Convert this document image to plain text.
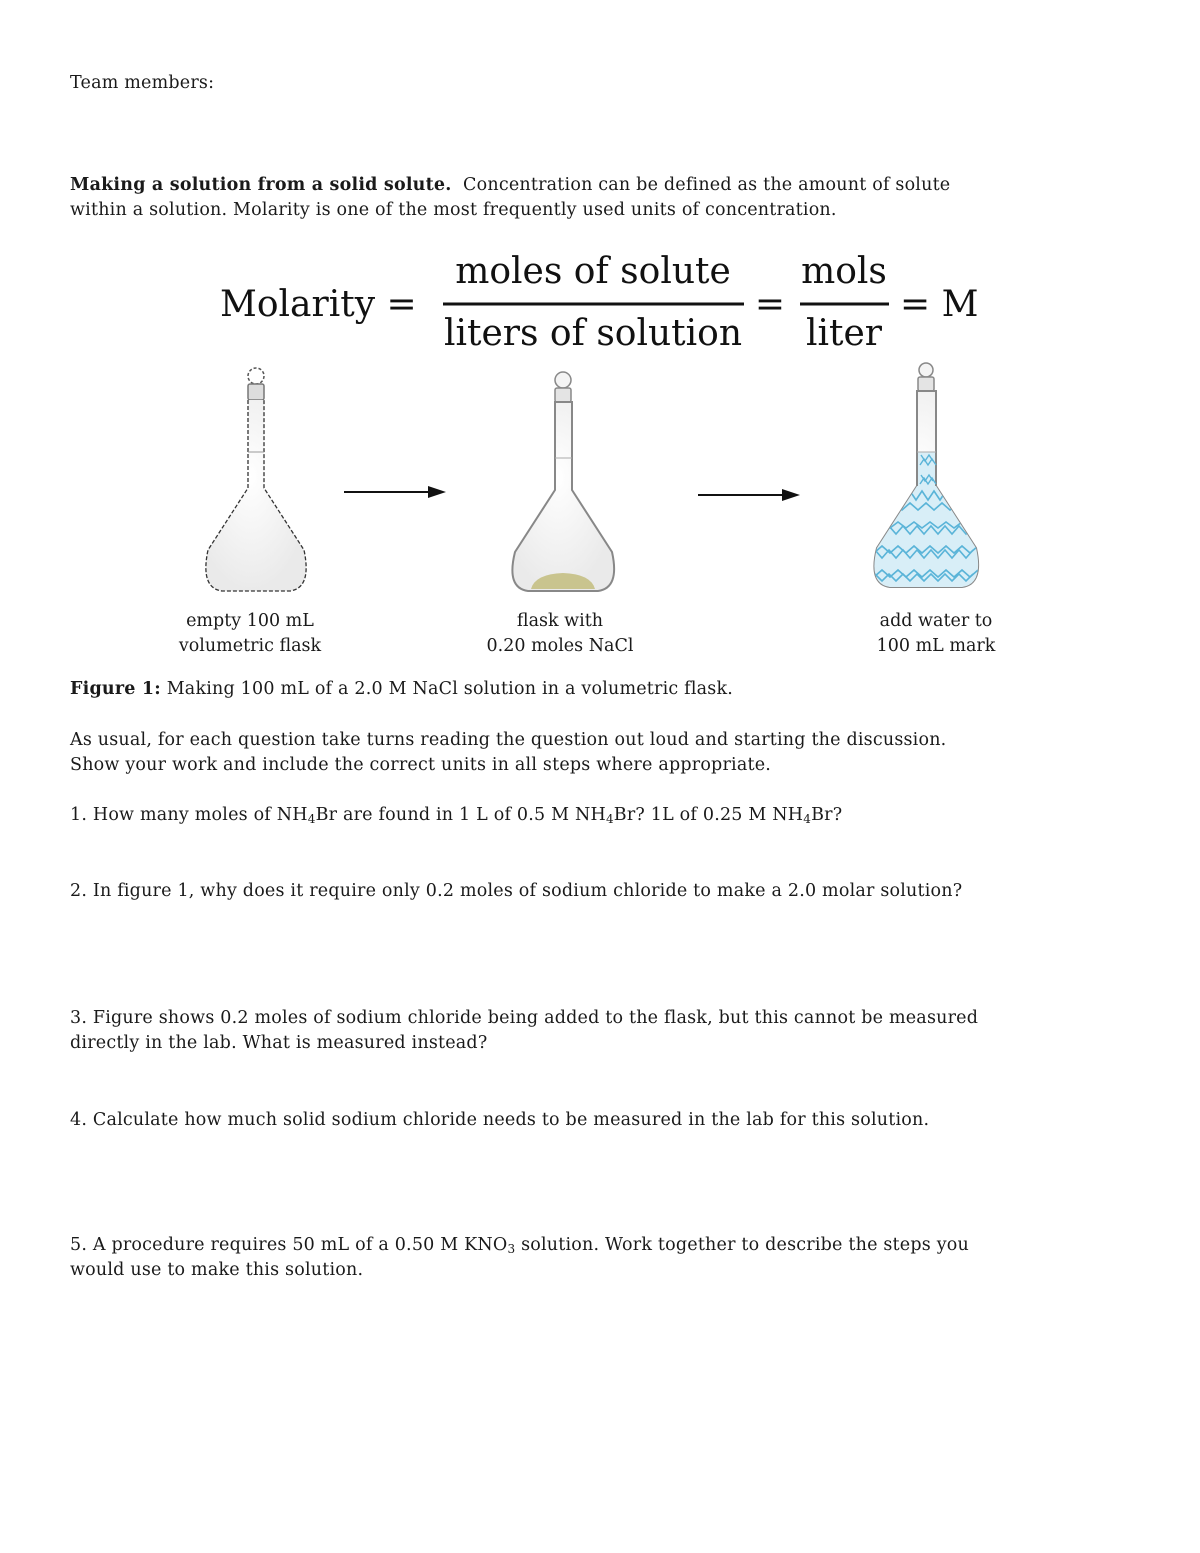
Team members:
Making a solution from a solid solute. Concentration can be defined as the amount of solute
within a solution. Molarity is one of the most frequently used units of concentration.
Molarity =
moles of solute
liters of solution
=
mols
liter
= M
empty 100 mL
volumetric flask
flask with
0.20 moles NaCl
add water to
100 mL mark
Figure 1: Making 100 mL of a 2.0 M NaCl solution in a volumetric flask.
As usual, for each question take turns reading the question out loud and starting the discussion.
Show your work and include the correct units in all steps where appropriate.
1. How many moles of $NH_4Br$ are found in 1 L of 0.5 M $NH_4Br$? 1L of 0.25 M $NH_4Br$?
2. In figure 1, why does it require only 0.2 moles of sodium chloride to make a 2.0 molar solution?
3. Figure shows 0.2 moles of sodium chloride being added to the flask, but this cannot be measured
directly in the lab. What is measured instead?
4. Calculate how much solid sodium chloride needs to be measured in the lab for this solution.
5. A procedure requires 50 mL of a 0.50 M $KNO_3$ solution. Work together to describe the steps you
would use to make this solution.
